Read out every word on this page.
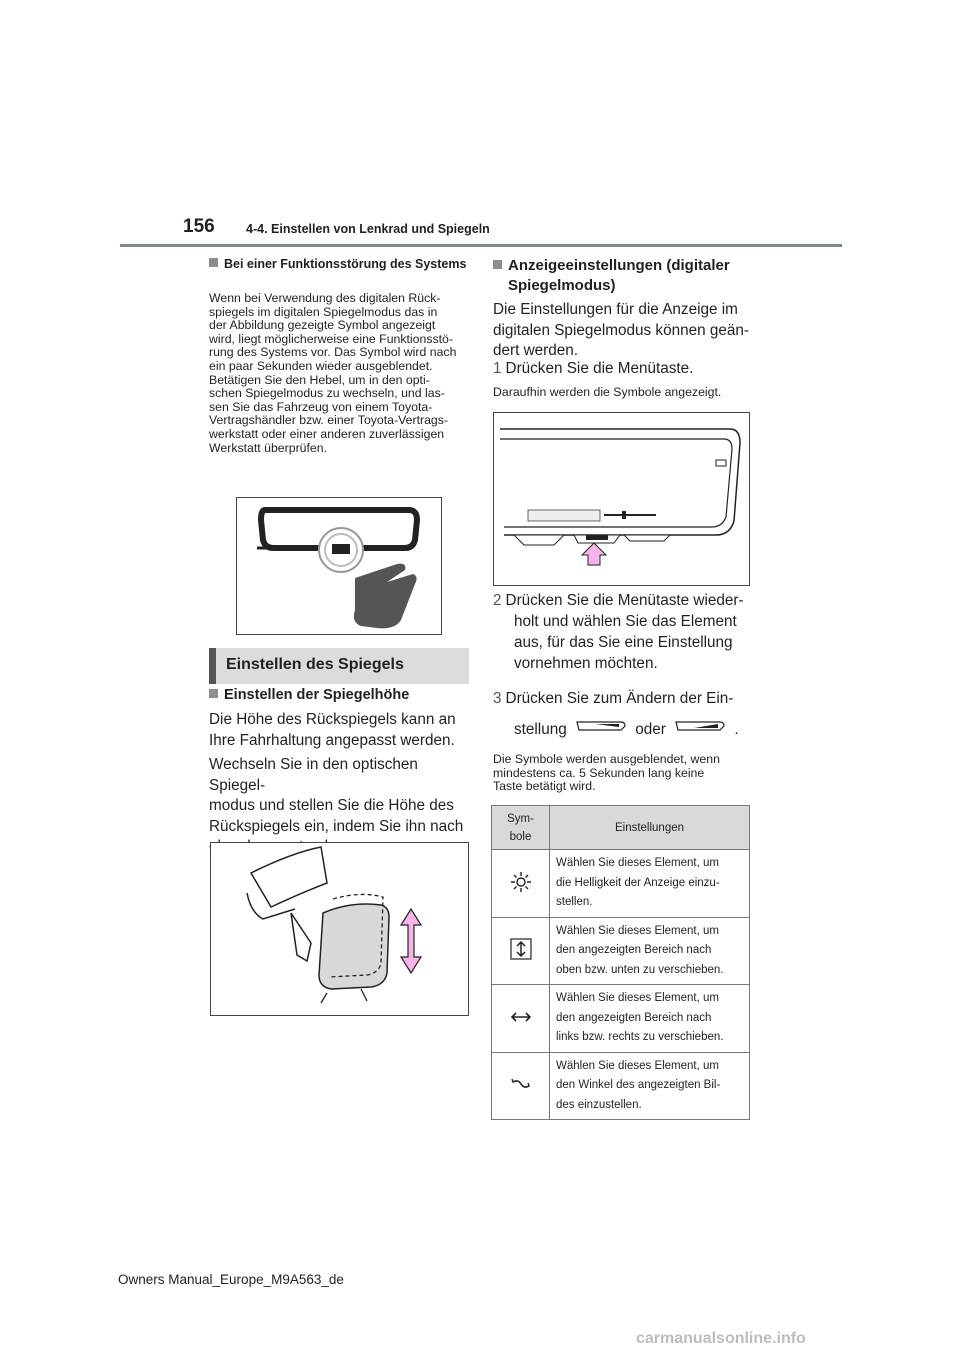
156	4-4. Einstellen von Lenkrad und Spiegeln
Bei einer Funktionsstörung des Systems
Wenn bei Verwendung des digitalen Rück-
spiegels im digitalen Spiegelmodus das in
der Abbildung gezeigte Symbol angezeigt
wird, liegt möglicherweise eine Funktionsstö-
rung des Systems vor. Das Symbol wird nach
ein paar Sekunden wieder ausgeblendet.
Betätigen Sie den Hebel, um in den opti-
schen Spiegelmodus zu wechseln, und las-
sen Sie das Fahrzeug von einem Toyota-
Vertragshändler bzw. einer Toyota-Vertrags-
werkstatt oder einer anderen zuverlässigen
Werkstatt überprüfen.
Einstellen des Spiegels
Einstellen der Spiegelhöhe
Die Höhe des Rückspiegels kann an
Ihre Fahrhaltung angepasst werden.
Wechseln Sie in den optischen Spiegel-
modus und stellen Sie die Höhe des
Rückspiegels ein, indem Sie ihn nach
Anzeigeeinstellungen (digitaler
Spiegelmodus)
Die Einstellungen für die Anzeige im
digitalen Spiegelmodus können geän-
dert werden.
1 Drücken Sie die Menütaste.
Daraufhin werden die Symbole angezeigt.
2 Drücken Sie die Menütaste wieder-
holt und wählen Sie das Element
aus, für das Sie eine Einstellung
vornehmen möchten.
3 Drücken Sie zum Ändern der Ein-
stellung	oder	.
Die Symbole werden ausgeblendet, wenn
mindestens ca. 5 Sekunden lang keine
Taste betätigt wird.
Sym-
bole	Einstellungen

Wählen Sie dieses Element, um
die Helligkeit der Anzeige einzu-
stellen.

Wählen Sie dieses Element, um
den angezeigten Bereich nach
oben bzw. unten zu verschieben.

Wählen Sie dieses Element, um
den angezeigten Bereich nach
links bzw. rechts zu verschieben.

Wählen Sie dieses Element, um
den Winkel des angezeigten Bil-
des einzustellen.
Owners Manual_Europe_M9A563_de
carmanualsonline.info
